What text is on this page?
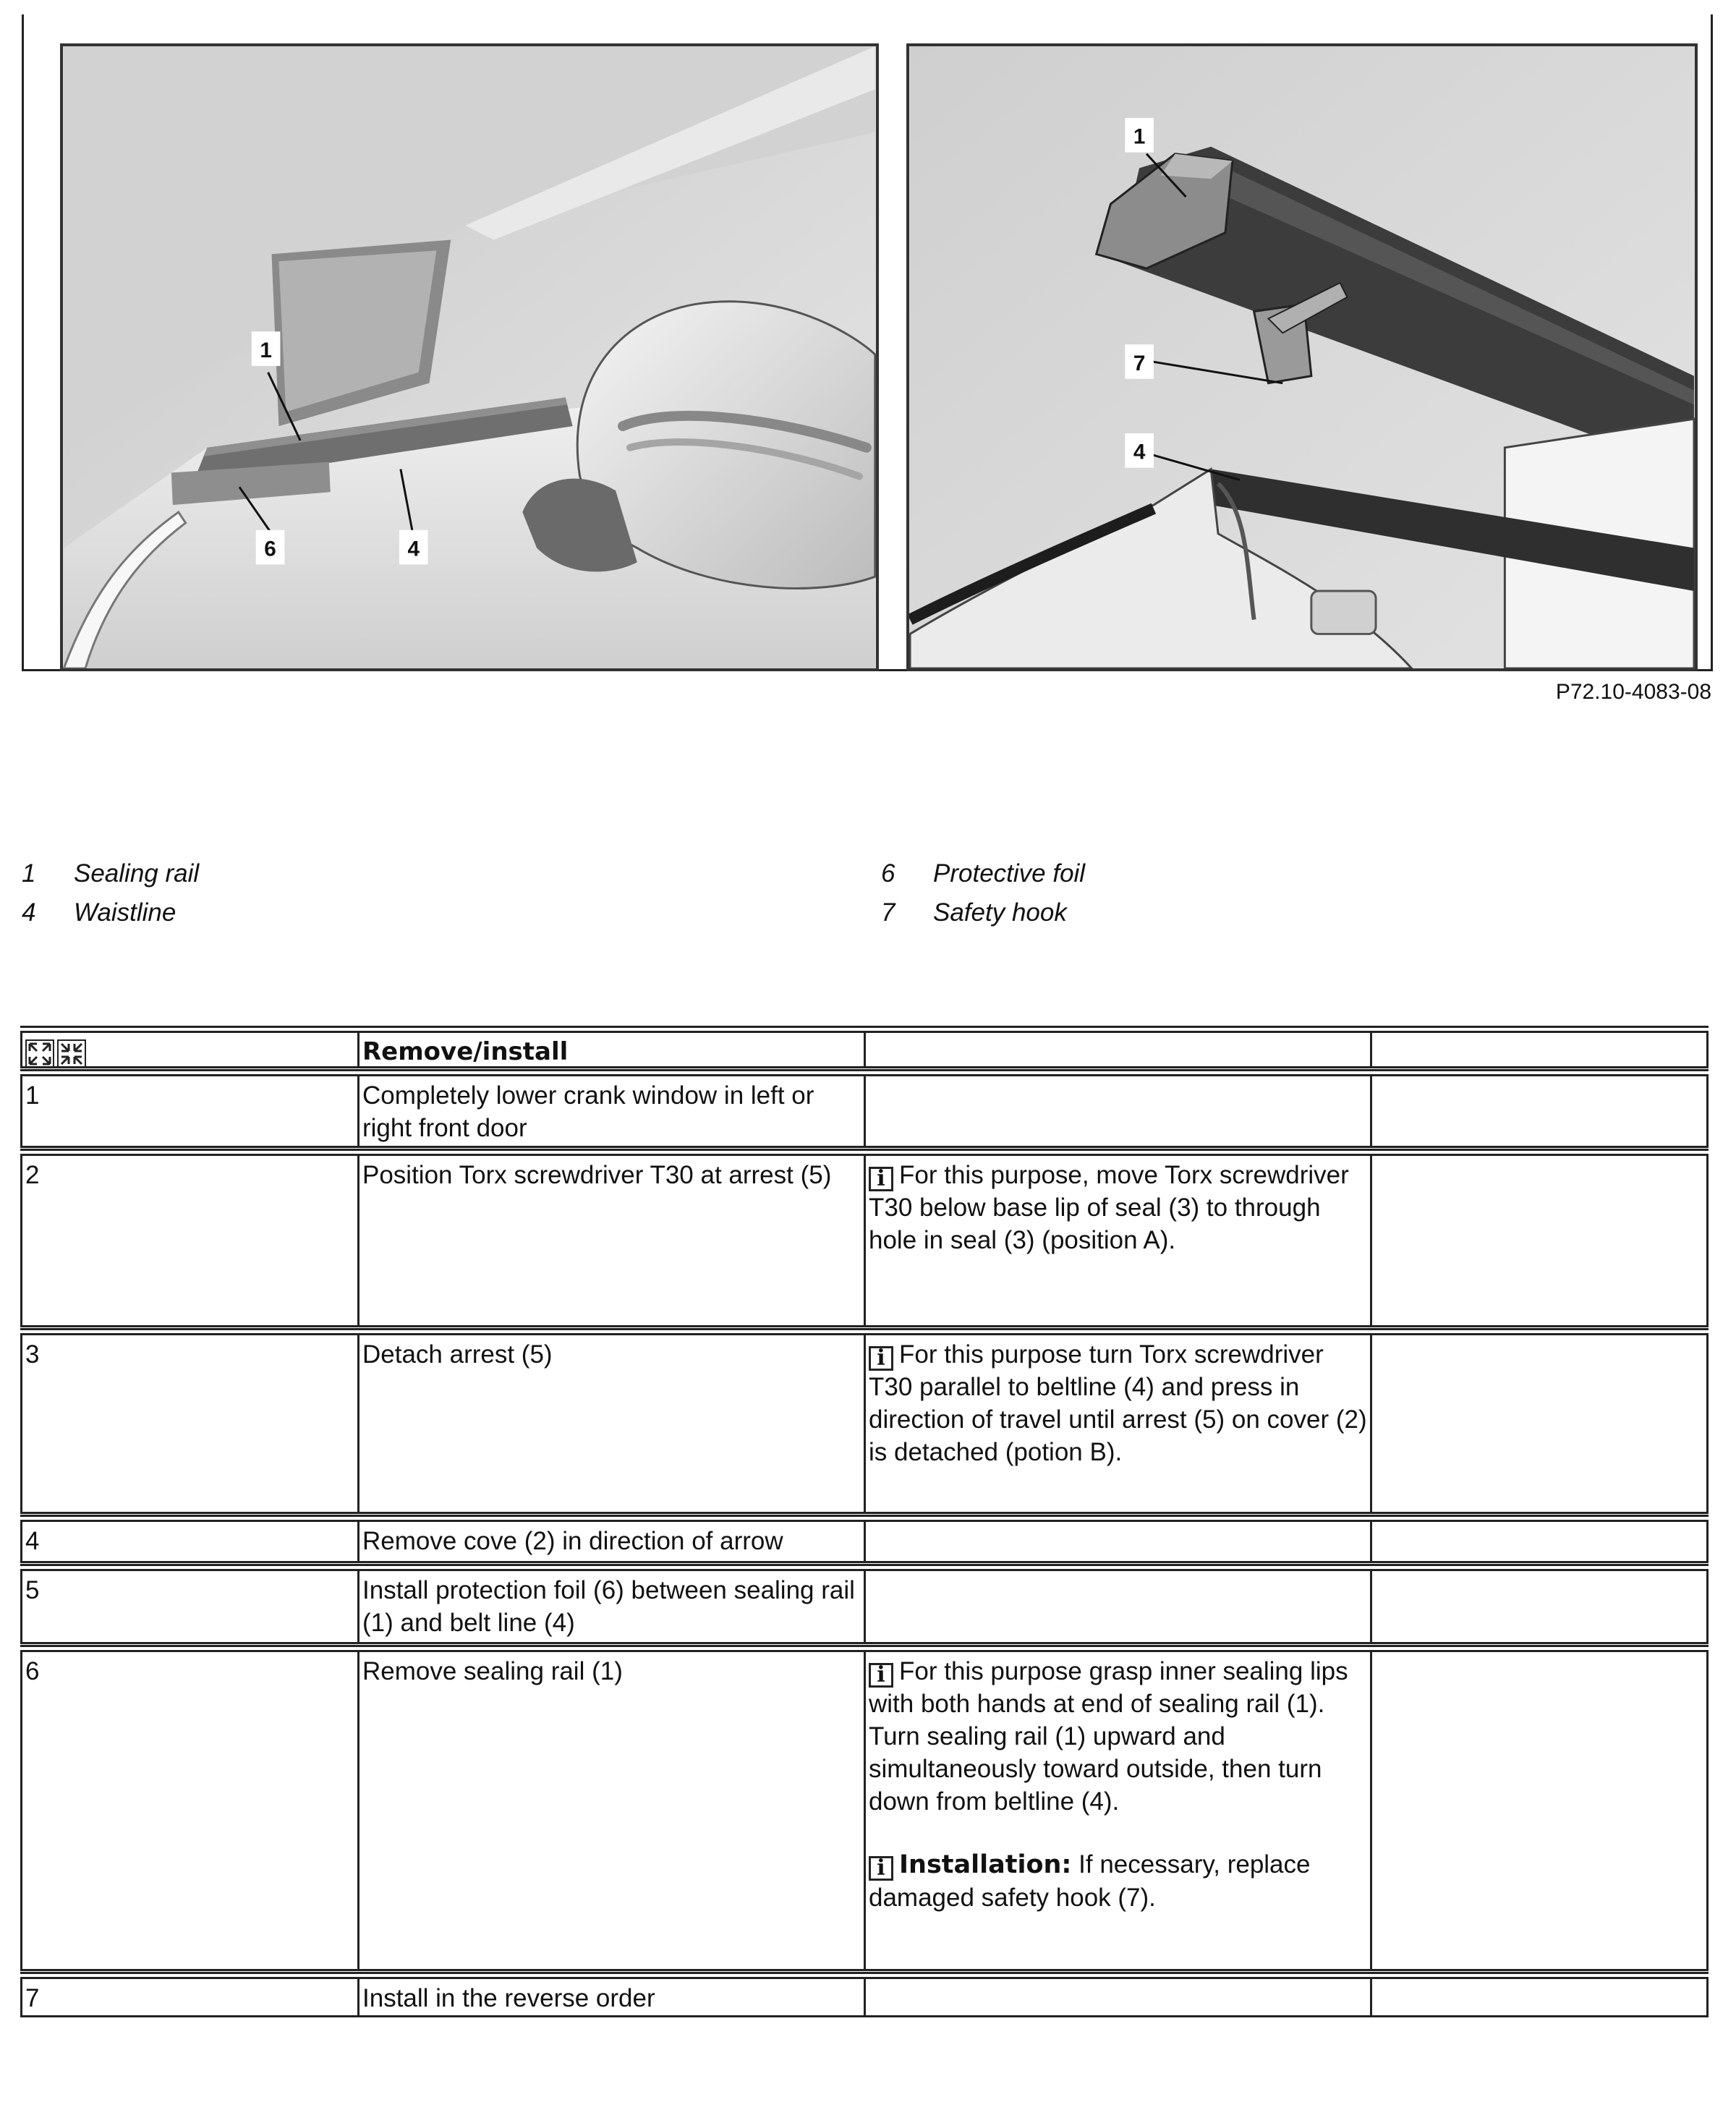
1
6	4
1
7
4
P72.10-4083-08
1	Sealing rail
4	Waistline
6	Protective foil
7	Safety hook
Remove/install
1	Completely lower crank window in left or right front door
2	Position Torx screwdriver T30 at arrest (5)	i For this purpose, move Torx screwdriver T30 below base lip of seal (3) to through hole in seal (3) (position A).
3	Detach arrest (5)	i For this purpose turn Torx screwdriver T30 parallel to beltline (4) and press in direction of travel until arrest (5) on cover (2) is detached (potion B).
4	Remove cove (2) in direction of arrow
5	Install protection foil (6) between sealing rail (1) and belt line (4)
6	Remove sealing rail (1)	i For this purpose grasp inner sealing lips with both hands at end of sealing rail (1). Turn sealing rail (1) upward and simultaneously toward outside, then turn down from beltline (4).
i Installation: If necessary, replace damaged safety hook (7).
7	Install in the reverse order
